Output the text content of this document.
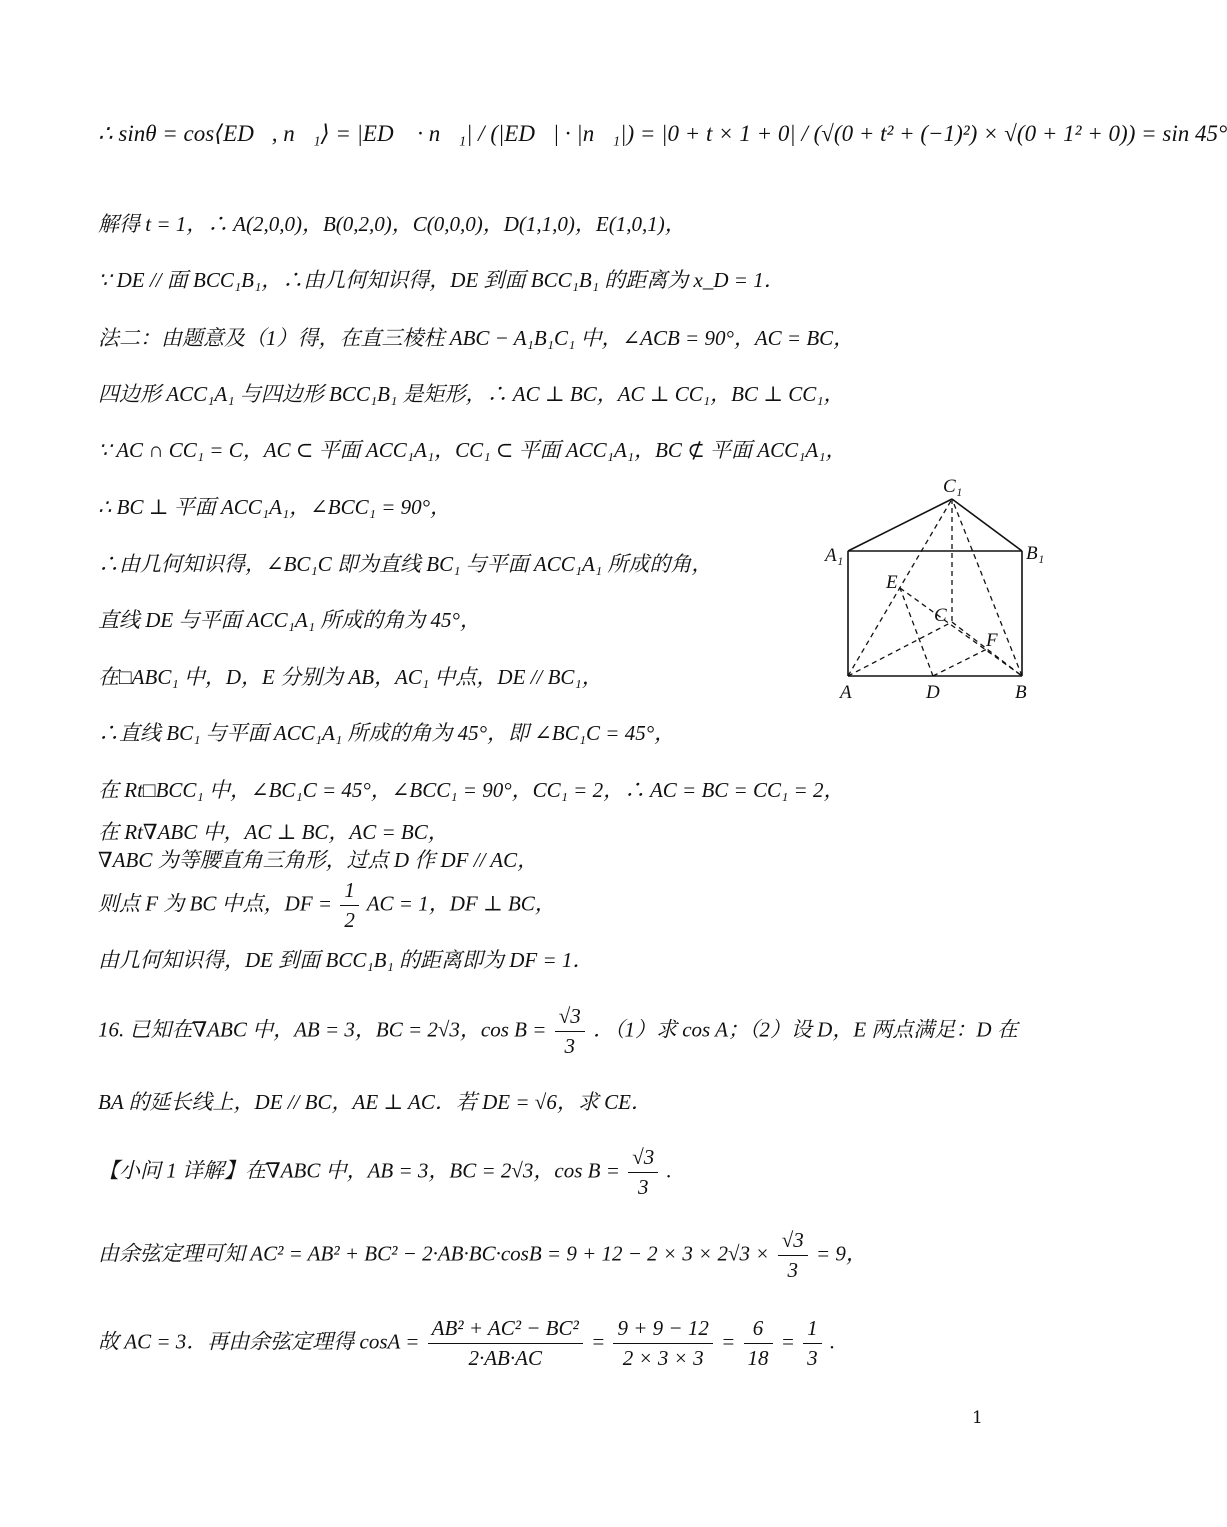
∴ sinθ = cos⟨ED⃗, n⃗₁⟩ = |ED⃗ · n⃗₁| / (|ED⃗| · |n⃗₁|) = |0 + t × 1 + 0| / (√(0 + t² + (−1)²) × √(0 + 1² + 0)) = sin 45°
解得 t = 1，∴ A(2,0,0)，B(0,2,0)，C(0,0,0)，D(1,1,0)，E(1,0,1)，
∵ DE // 面 BCC₁B₁，∴由几何知识得，DE 到面 BCC₁B₁ 的距离为 x_D = 1．
法二：由题意及（1）得，在直三棱柱 ABC − A₁B₁C₁ 中，∠ACB = 90°，AC = BC，
四边形 ACC₁A₁ 与四边形 BCC₁B₁ 是矩形，∴ AC ⊥ BC，AC ⊥ CC₁，BC ⊥ CC₁，
∵ AC ∩ CC₁ = C，AC ⊂ 平面 ACC₁A₁，CC₁ ⊂ 平面 ACC₁A₁，BC ⊄ 平面 ACC₁A₁，
∴ BC ⊥ 平面 ACC₁A₁，∠BCC₁ = 90°，
∴由几何知识得，∠BC₁C 即为直线 BC₁ 与平面 ACC₁A₁ 所成的角，
直线 DE 与平面 ACC₁A₁ 所成的角为 45°，
在□ABC₁ 中，D，E 分别为 AB，AC₁ 中点，DE // BC₁，
∴直线 BC₁ 与平面 ACC₁A₁ 所成的角为 45°，即 ∠BC₁C = 45°，
在 Rt□BCC₁ 中，∠BC₁C = 45°，∠BCC₁ = 90°，CC₁ = 2，∴ AC = BC = CC₁ = 2，
在 Rt∇ABC 中，AC ⊥ BC，AC = BC，
∇ABC 为等腰直角三角形，过点 D 作 DF // AC，
则点 F 为 BC 中点，DF = $\frac{1}{2}$ AC = 1，DF ⊥ BC，
由几何知识得，DE 到面 BCC₁B₁ 的距离即为 DF = 1．
16. 已知在∇ABC 中，AB = 3，BC = 2√3，$\cos B = \frac{√3}{3}$ ．（1）求 cos A；（2）设 D，E 两点满足：D 在
BA 的延长线上，DE // BC，AE ⊥ AC．若 DE = √6，求 CE．
【小问 1 详解】在∇ABC 中，AB = 3，BC = 2√3，$\cos B = \frac{√3}{3}$ .
由余弦定理可知 $AC^2 = AB^2 + BC^2 - 2\cdot AB\cdot BC\cdot\cos B = 9 + 12 - 2 \times 3 \times 2√3 \times \frac{√3}{3} = 9$，
故 AC = 3．再由余弦定理得 $\cos A = \frac{\text{AB² + AC² − BC²}}{2\cdot AB\cdot AC} = \frac{9 + 9 - 12}{2 \times 3 \times 3} = \frac{6}{18} = \frac{1}{3}$ .
C₁
A₁	B₁
E
C
F
A	D	B
1
